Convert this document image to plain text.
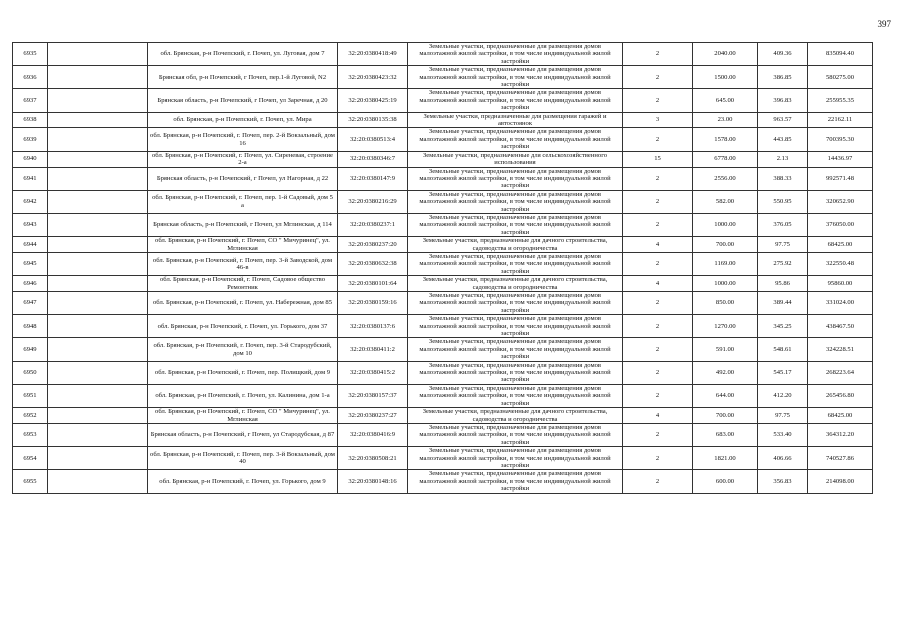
397
6935		обл. Брянская, р-н Почепский, г. Почеп, ул. Луговая, дом 7	32:20:0380418:49	Земельные участки, предназначенные для размещения домов малоэтажной жилой застройки, в том числе индивидуальной жилой застройки	2	2040.00	409.36	835094.40
6936		Брянская обл, р-н Почепский, г Почеп, пер.1-й Луговой, N2	32:20:0380423:32	Земельные участки, предназначенные для размещения домов малоэтажной жилой застройки, в том числе индивидуальной жилой застройки	2	1500.00	386.85	580275.00
6937		Брянская область, р-н Почепский, г Почеп, ул Заречная, д 20	32:20:0380425:19	Земельные участки, предназначенные для размещения домов малоэтажной жилой застройки, в том числе индивидуальной жилой застройки	2	645.00	396.83	255955.35
6938		обл. Брянская, р-н Почепский, г. Почеп, ул. Мира	32:20:0380135:38	Земельные участки, предназначенные для размещения гаражей и автостоянок	3	23.00	963.57	22162.11
6939		обл. Брянская, р-н Почепский, г. Почеп, пер. 2-й Вокзальный, дом 16	32:20:0380513:4	Земельные участки, предназначенные для размещения домов малоэтажной жилой застройки, в том числе индивидуальной жилой застройки	2	1578.00	443.85	700395.30
6940		обл. Брянская, р-н Почепский, г. Почеп, ул. Сиреневая, строение 2-а	32:20:0380346:7	Земельные участки, предназначенные для сельскохозяйственного использования	15	6778.00	2.13	14436.97
6941		Брянская область, р-н Почепский, г Почеп, ул Нагорная, д 22	32:20:0380147:9	Земельные участки, предназначенные для размещения домов малоэтажной жилой застройки, в том числе индивидуальной жилой застройки	2	2556.00	388.33	992571.48
6942		обл. Брянская, р-н Почепский, г. Почеп, пер. 1-й Садовый, дом 5 а	32:20:0380216:29	Земельные участки, предназначенные для размещения домов малоэтажной жилой застройки, в том числе индивидуальной жилой застройки	2	582.00	550.95	320652.90
6943		Брянская область, р-н Почепский, г Почеп, ул Мглинская, д 114	32:20:0380237:1	Земельные участки, предназначенные для размещения домов малоэтажной жилой застройки, в том числе индивидуальной жилой застройки	2	1000.00	376.05	376050.00
6944		обл. Брянская, р-н Почепский, г. Почеп, СО " Мичуринец", ул. Мглинская	32:20:0380237:20	Земельные участки, предназначенные для дачного строительства, садоводства и огородничества	4	700.00	97.75	68425.00
6945		обл. Брянская, р-н Почепский, г. Почеп, пер. 3-й Заводской, дом 46-в	32:20:0380632:38	Земельные участки, предназначенные для размещения домов малоэтажной жилой застройки, в том числе индивидуальной жилой застройки	2	1169.00	275.92	322550.48
6946		обл. Брянская, р-н Почепский, г. Почеп, Садовое общество Ремонтник	32:20:0380101:64	Земельные участки, предназначенные для дачного строительства, садоводства и огородничества	4	1000.00	95.86	95860.00
6947		обл. Брянская, р-н Почепский, г. Почеп, ул. Набережная, дом 85	32:20:0380159:16	Земельные участки, предназначенные для размещения домов малоэтажной жилой застройки, в том числе индивидуальной жилой застройки	2	850.00	389.44	331024.00
6948		обл. Брянская, р-н Почепский, г. Почеп, ул. Горького, дом 37	32:20:0380137:6	Земельные участки, предназначенные для размещения домов малоэтажной жилой застройки, в том числе индивидуальной жилой застройки	2	1270.00	345.25	438467.50
6949		обл. Брянская, р-н Почепский, г. Почеп, пер. 3-й Стародубский, дом 10	32:20:0380411:2	Земельные участки, предназначенные для размещения домов малоэтажной жилой застройки, в том числе индивидуальной жилой застройки	2	591.00	548.61	324228.51
6950		обл. Брянская, р-н Почепский, г. Почеп, пер. Полищкий, дом 9	32:20:0380415:2	Земельные участки, предназначенные для размещения домов малоэтажной жилой застройки, в том числе индивидуальной жилой застройки	2	492.00	545.17	268223.64
6951		обл. Брянская, р-н Почепский, г. Почеп, ул. Калинина, дом 1-а	32:20:0380157:37	Земельные участки, предназначенные для размещения домов малоэтажной жилой застройки, в том числе индивидуальной жилой застройки	2	644.00	412.20	265456.80
6952		обл. Брянская, р-н Почепский, г. Почеп, СО " Мичуринец", ул. Мглинская	32:20:0380237:27	Земельные участки, предназначенные для дачного строительства, садоводства и огородничества	4	700.00	97.75	68425.00
6953		Брянская область, р-н Почепский, г Почеп, ул Стародубская, д 87	32:20:0380416:9	Земельные участки, предназначенные для размещения домов малоэтажной жилой застройки, в том числе индивидуальной жилой застройки	2	683.00	533.40	364312.20
6954		обл. Брянская, р-н Почепский, г. Почеп, пер. 3-й Вокзальный, дом 40	32:20:0380508:21	Земельные участки, предназначенные для размещения домов малоэтажной жилой застройки, в том числе индивидуальной жилой застройки	2	1821.00	406.66	740527.86
6955		обл. Брянская, р-н Почепский, г. Почеп, ул. Горького, дом 9	32:20:0380148:16	Земельные участки, предназначенные для размещения домов малоэтажной жилой застройки, в том числе индивидуальной жилой застройки	2	600.00	356.83	214098.00
